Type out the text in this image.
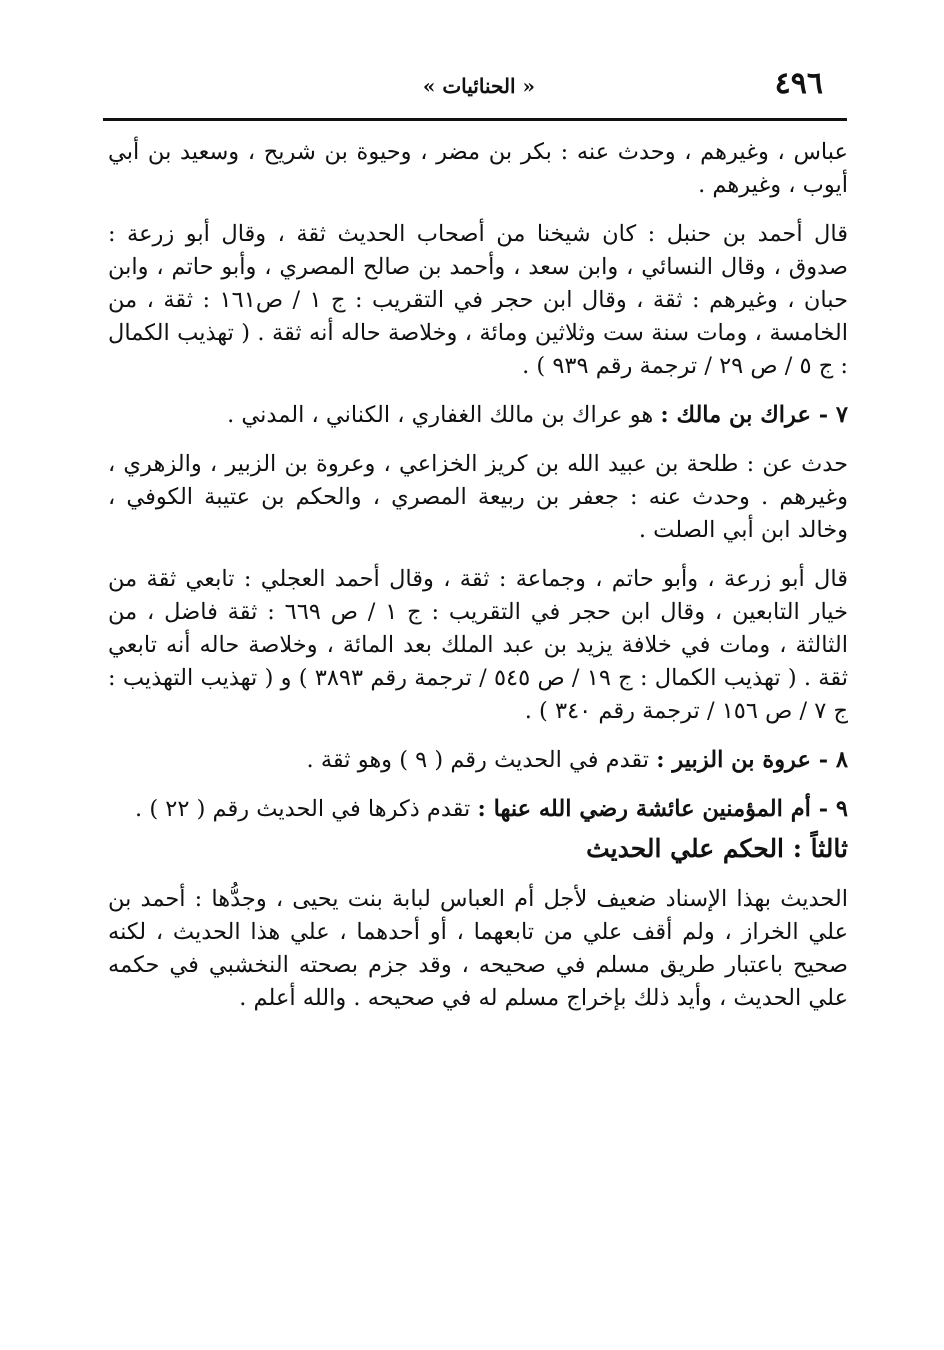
٤٩٦
« الحنائيات »

عباس ، وغيرهم ، وحدث عنه : بكر بن مضر ، وحيوة بن شريح ، وسعيد بن أبي أيوب ، وغيرهم .

قال أحمد بن حنبل : كان شيخنا من أصحاب الحديث ثقة ، وقال أبو زرعة : صدوق ، وقال النسائي ، وابن سعد ، وأحمد بن صالح المصري ، وأبو حاتم ، وابن حبان ، وغيرهم : ثقة ، وقال ابن حجر في التقريب : ج ١ / ص١٦١ : ثقة ، من الخامسة ، ومات سنة ست وثلاثين ومائة ، وخلاصة حاله أنه ثقة . ( تهذيب الكمال : ج ٥ / ص ٢٩ / ترجمة رقم ٩٣٩ ) .

٧ - عراك بن مالك : هو عراك بن مالك الغفاري ، الكناني ، المدني .

حدث عن : طلحة بن عبيد الله بن كريز الخزاعي ، وعروة بن الزبير ، والزهري ، وغيرهم . وحدث عنه : جعفر بن ربيعة المصري ، والحكم بن عتيبة الكوفي ، وخالد ابن أبي الصلت .

قال أبو زرعة ، وأبو حاتم ، وجماعة : ثقة ، وقال أحمد العجلي : تابعي ثقة من خيار التابعين ، وقال ابن حجر في التقريب : ج ١ / ص ٦٦٩ : ثقة فاضل ، من الثالثة ، ومات في خلافة يزيد بن عبد الملك بعد المائة ، وخلاصة حاله أنه تابعي ثقة . ( تهذيب الكمال : ج ١٩ / ص ٥٤٥ / ترجمة رقم ٣٨٩٣ ) و ( تهذيب التهذيب : ج ٧ / ص ١٥٦ / ترجمة رقم ٣٤٠ ) .

٨ - عروة بن الزبير : تقدم في الحديث رقم ( ٩ ) وهو ثقة .

٩ - أم المؤمنين عائشة رضي الله عنها : تقدم ذكرها في الحديث رقم ( ٢٢ ) .

ثالثاً : الحكم علي الحديث

الحديث بهذا الإسناد ضعيف لأجل أم العباس لبابة بنت يحيى ، وجدُّها : أحمد بن علي الخراز ، ولم أقف علي من تابعهما ، أو أحدهما ، علي هذا الحديث ، لكنه صحيح باعتبار طريق مسلم في صحيحه ، وقد جزم بصحته النخشبي في حكمه علي الحديث ، وأيد ذلك بإخراج مسلم له في صحيحه . والله أعلم .
